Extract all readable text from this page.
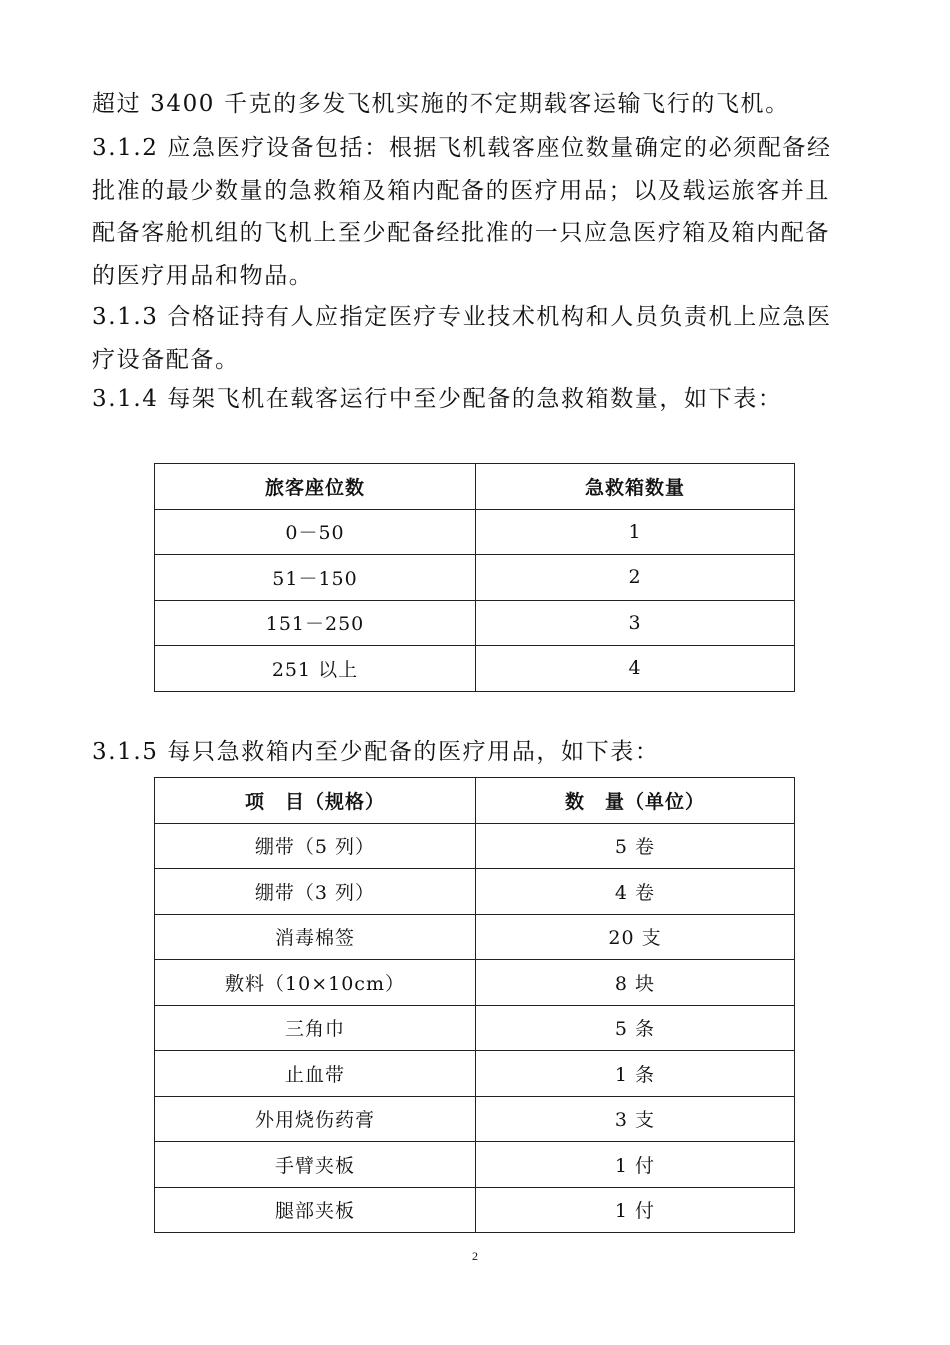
超过 3400 千克的多发飞机实施的不定期载客运输飞行的飞机。

3.1.2 应急医疗设备包括：根据飞机载客座位数量确定的必须配备经
批准的最少数量的急救箱及箱内配备的医疗用品；以及载运旅客并且
配备客舱机组的飞机上至少配备经批准的一只应急医疗箱及箱内配备
的医疗用品和物品。

3.1.3 合格证持有人应指定医疗专业技术机构和人员负责机上应急医
疗设备配备。

3.1.4 每架飞机在载客运行中至少配备的急救箱数量，如下表：

旅客座位数	急救箱数量
0－50	1
51－150	2
151－250	3
251 以上	4

3.1.5 每只急救箱内至少配备的医疗用品，如下表：

项　目（规格）	数　量（单位）
绷带（5 列）	5 卷
绷带（3 列）	4 卷
消毒棉签	20 支
敷料（10×10cm）	8 块
三角巾	5 条
止血带	1 条
外用烧伤药膏	3 支
手臂夹板	1 付
腿部夹板	1 付
2
